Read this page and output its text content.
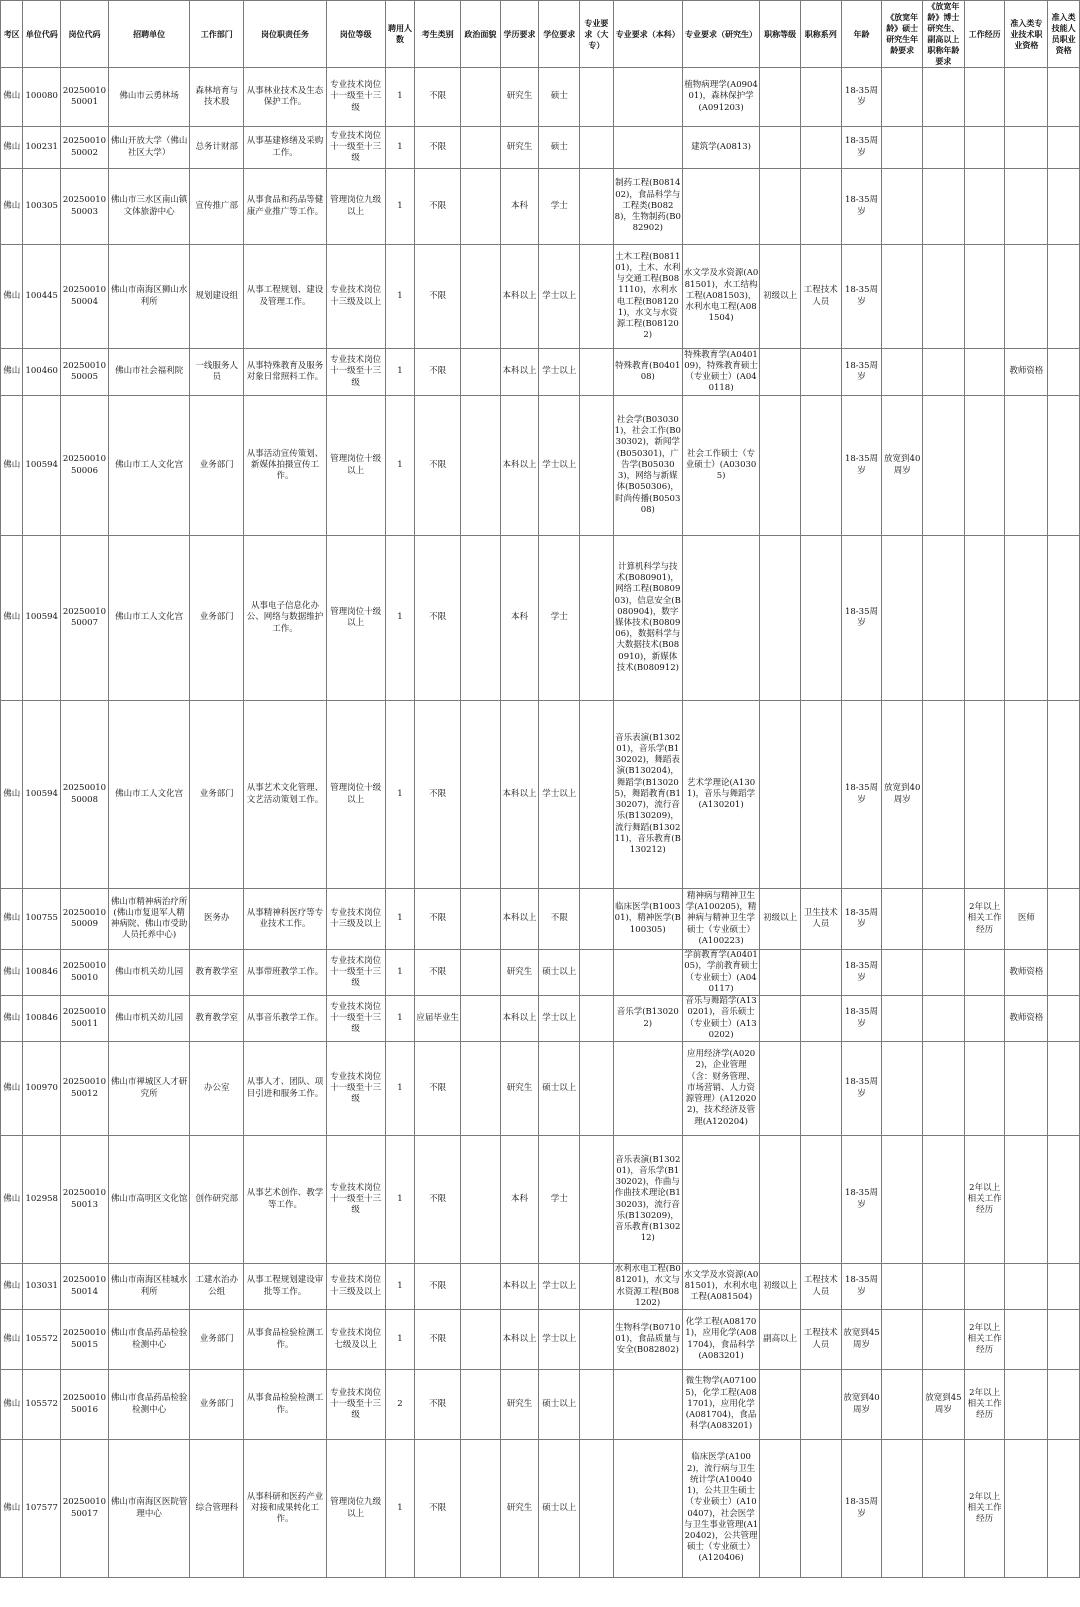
考区	单位代码	岗位代码	招聘单位	工作部门	岗位职责任务	岗位等级	聘用人数	考生类别	政治面貌	学历要求	学位要求	专业要求（大专）	专业要求（本科）	专业要求（研究生）	职称等级	职称系列	年龄	《放宽年龄》硕士研究生年龄要求	《放宽年龄》博士研究生、副高以上职称年龄要求	工作经历	准入类专业技术职业资格	准入类技能人员职业资格
佛山	100080	2025001050001	佛山市云勇林场	森林培育与技术股	从事林业技术及生态保护工作。	专业技术岗位十一级至十三级	1	不限		研究生	硕士			植物病理学(A090401)，森林保护学(A091203)			18-35周岁					
佛山	100231	2025001050002	佛山开放大学（佛山社区大学）	总务计财部	从事基建修缮及采购工作。	专业技术岗位十一级至十三级	1	不限		研究生	硕士			建筑学(A0813)			18-35周岁					
佛山	100305	2025001050003	佛山市三水区南山镇文体旅游中心	宣传推广部	从事食品和药品等健康产业推广等工作。	管理岗位九级以上	1	不限		本科	学士		制药工程(B081402)，食品科学与工程类(B0828)，生物制药(B082902)				18-35周岁					
佛山	100445	2025001050004	佛山市南海区狮山水利所	规划建设组	从事工程规划、建设及管理工作。	专业技术岗位十三级及以上	1	不限		本科以上	学士以上		土木工程(B081101)，土木、水利与交通工程(B081110)，水利水电工程(B081201)，水文与水资源工程(B081202)	水文学及水资源(A081501)，水工结构工程(A081503)，水利水电工程(A081504)	初级以上	工程技术人员	18-35周岁					
佛山	100460	2025001050005	佛山市社会福利院	一线服务人员	从事特殊教育及服务对象日常照料工作。	专业技术岗位十一级至十三级	1	不限		本科以上	学士以上		特殊教育(B040108)	特殊教育学(A040109)，特殊教育硕士（专业硕士）(A040118)			18-35周岁				教师资格	
佛山	100594	2025001050006	佛山市工人文化宫	业务部门	从事活动宣传策划、新媒体拍摄宣传工作。	管理岗位十级以上	1	不限		本科以上	学士以上		社会学(B030301)，社会工作(B030302)，新闻学(B050301)，广告学(B050303)，网络与新媒体(B050306)，时尚传播(B050308)	社会工作硕士（专业硕士）(A030305)			18-35周岁	放宽到40周岁				
佛山	100594	2025001050007	佛山市工人文化宫	业务部门	从事电子信息化办公、网络与数据维护工作。	管理岗位十级以上	1	不限		本科	学士		计算机科学与技术(B080901)，网络工程(B080903)，信息安全(B080904)，数字媒体技术(B080906)，数据科学与大数据技术(B080910)，新媒体技术(B080912)				18-35周岁					
佛山	100594	2025001050008	佛山市工人文化宫	业务部门	从事艺术文化管理、文艺活动策划工作。	管理岗位十级以上	1	不限		本科以上	学士以上		音乐表演(B130201)，音乐学(B130202)，舞蹈表演(B130204)，舞蹈学(B130205)，舞蹈教育(B130207)，流行音乐(B130209)，流行舞蹈(B130211)，音乐教育(B130212)	艺术学理论(A1301)，音乐与舞蹈学(A130201)			18-35周岁	放宽到40周岁				
佛山	100755	2025001050009	佛山市精神病治疗所(佛山市复退军人精神病院、佛山市受助人员托养中心)	医务办	从事精神科医疗等专业技术工作。	专业技术岗位十三级及以上	1	不限		本科以上	不限		临床医学(B100301)，精神医学(B100305)	精神病与精神卫生学(A100205)，精神病与精神卫生学硕士（专业硕士）(A100223)	初级以上	卫生技术人员	18-35周岁			2年以上相关工作经历	医师	
佛山	100846	2025001050010	佛山市机关幼儿园	教育教学室	从事带班教学工作。	专业技术岗位十一级至十三级	1	不限		研究生	硕士以上			学前教育学(A040105)，学前教育硕士（专业硕士）(A040117)			18-35周岁				教师资格	
佛山	100846	2025001050011	佛山市机关幼儿园	教育教学室	从事音乐教学工作。	专业技术岗位十一级至十三级	1	应届毕业生		本科以上	学士以上		音乐学(B130202)	音乐与舞蹈学(A130201)，音乐硕士（专业硕士）(A130202)			18-35周岁				教师资格	
佛山	100970	2025001050012	佛山市禅城区人才研究所	办公室	从事人才、团队、项目引进和服务工作。	专业技术岗位十一级至十三级	1	不限		研究生	硕士以上			应用经济学(A0202)，企业管理（含：财务管理、市场营销、人力资源管理）(A120202)，技术经济及管理(A120204)			18-35周岁					
佛山	102958	2025001050013	佛山市高明区文化馆	创作研究部	从事艺术创作、教学等工作。	专业技术岗位十一级至十三级	1	不限		本科	学士		音乐表演(B130201)，音乐学(B130202)，作曲与作曲技术理论(B130203)，流行音乐(B130209)，音乐教育(B130212)				18-35周岁			2年以上相关工作经历		
佛山	103031	2025001050014	佛山市南海区桂城水利所	工建水治办公组	从事工程规划建设审批等工作。	专业技术岗位十三级及以上	1	不限		本科以上	学士以上		水利水电工程(B081201)，水文与水资源工程(B081202)	水文学及水资源(A081501)，水利水电工程(A081504)	初级以上	工程技术人员	18-35周岁					
佛山	105572	2025001050015	佛山市食品药品检验检测中心	业务部门	从事食品检验检测工作。	专业技术岗位七级及以上	1	不限		本科以上	学士以上		生物科学(B071001)，食品质量与安全(B082802)	化学工程(A081701)，应用化学(A081704)，食品科学(A083201)	副高以上	工程技术人员	放宽到45周岁			2年以上相关工作经历		
佛山	105572	2025001050016	佛山市食品药品检验检测中心	业务部门	从事食品检验检测工作。	专业技术岗位十一级至十三级	2	不限		研究生	硕士以上			微生物学(A071005)，化学工程(A081701)，应用化学(A081704)，食品科学(A083201)			放宽到40周岁		放宽到45周岁	2年以上相关工作经历		
佛山	107577	2025001050017	佛山市南海区医院管理中心	综合管理科	从事科研和医药产业对接和成果转化工作。	管理岗位九级以上	1	不限		研究生	硕士以上			临床医学(A1002)，流行病与卫生统计学(A100401)，公共卫生硕士（专业硕士）(A100407)，社会医学与卫生事业管理(A120402)，公共管理硕士（专业硕士）(A120406)			18-35周岁			2年以上相关工作经历		
